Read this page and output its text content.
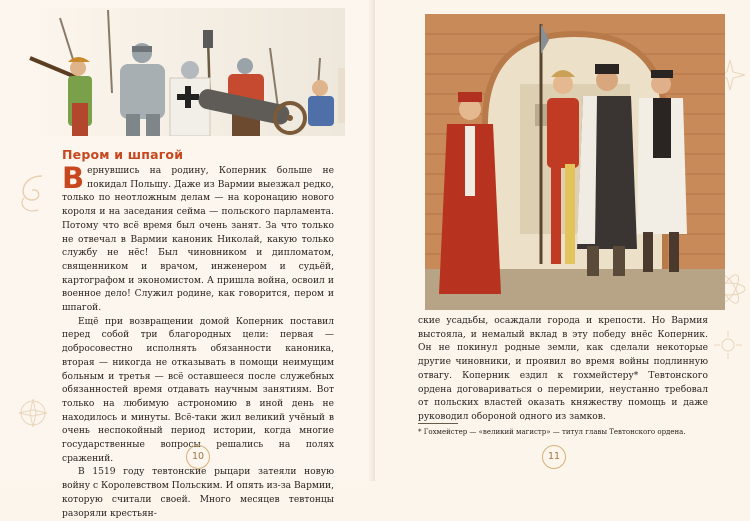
Пером и шпагой

В ернувшись на родину, Коперник больше не покидал Польшу. Даже из Вармии выезжал редко, только по неотложным делам — на коронацию нового короля и на заседания сейма — польского парламента. Потому что всё время был очень занят. За что только не отвечал в Вармии каноник Николай, какую только службу не нёс! Был чиновником и дипломатом, священником и врачом, инженером и судьёй, картографом и экономистом. А пришла война, освоил и военное дело! Служил родине, как говорится, пером и шпагой.

Ещё при возвращении домой Коперник поставил перед собой три благородных цели: первая — добросовестно исполнять обязанности каноника, вторая — никогда не отказывать в помощи неимущим больным и третья — всё оставшееся после служебных обязанностей время отдавать научным занятиям. Вот только на любимую астрономию в иной день не находилось и минуты. Всё-таки жил великий учёный в очень неспокойный период истории, когда многие государственные вопросы решались на полях сражений.

В 1519 году тевтонские рыцари затеяли новую войну с Королевством Польским. И опять из-за Вармии, которую считали своей. Много месяцев тевтонцы разоряли крестьян-

10

ские усадьбы, осаждали города и крепости. Но Вармия выстояла, и немалый вклад в эту победу внёс Коперник. Он не покинул родные земли, как сделали некоторые другие чиновники, и проявил во время войны подлинную отвагу. Коперник ездил к гохмейстеру* Тевтонского ордена договариваться о перемирии, неустанно требовал от польских властей оказать княжеству помощь и даже руководил обороной одного из замков.

* Гохмейстер — «великий магистр» — титул главы Тевтонского ордена.
11
